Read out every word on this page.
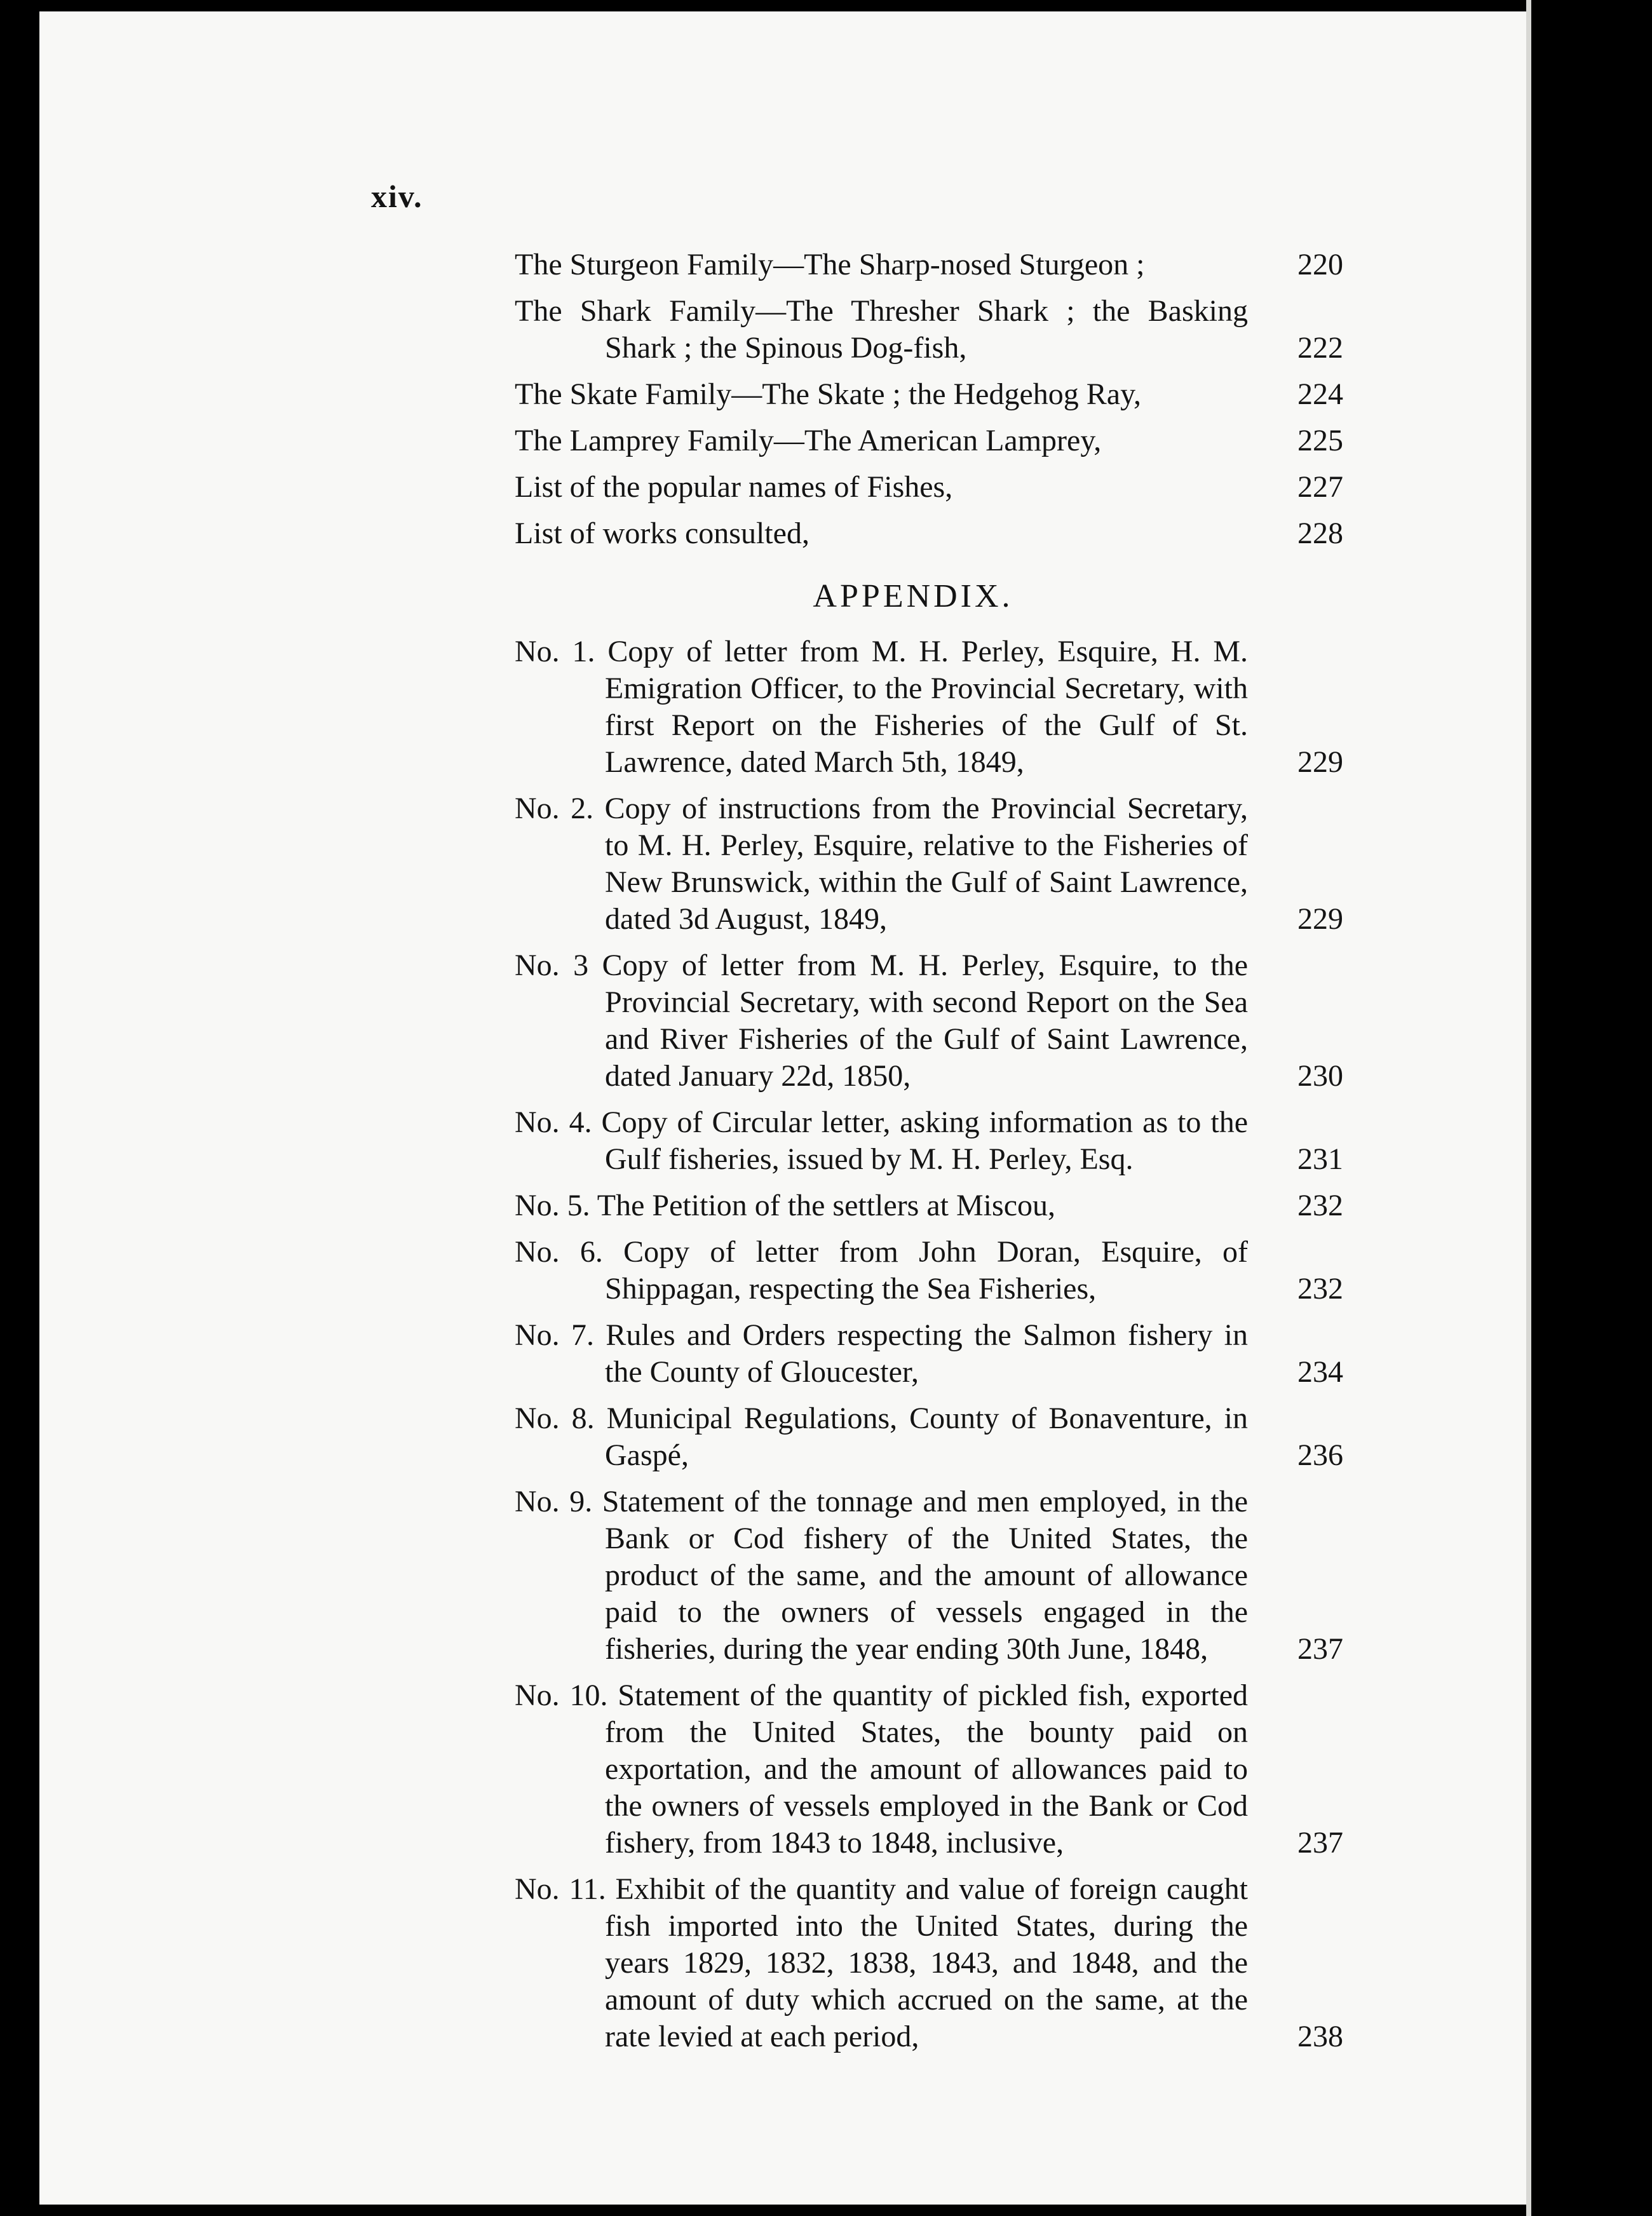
xiv.

The Sturgeon Family—The Sharp-nosed Sturgeon ;	220
The Shark Family—The Thresher Shark ; the Basking Shark ; the Spinous Dog-fish,	222
The Skate Family—The Skate ; the Hedgehog Ray,	224
The Lamprey Family—The American Lamprey,	225
List of the popular names of Fishes,	227
List of works consulted,	228
APPENDIX.
No. 1. Copy of letter from M. H. Perley, Esquire, H. M. Emigration Officer, to the Provincial Secretary, with first Report on the Fisheries of the Gulf of St. Lawrence, dated March 5th, 1849,	229
No. 2. Copy of instructions from the Provincial Secretary, to M. H. Perley, Esquire, relative to the Fisheries of New Brunswick, within the Gulf of Saint Lawrence, dated 3d August, 1849,	229
No. 3 Copy of letter from M. H. Perley, Esquire, to the Provincial Secretary, with second Report on the Sea and River Fisheries of the Gulf of Saint Lawrence, dated January 22d, 1850,	230
No. 4. Copy of Circular letter, asking information as to the Gulf fisheries, issued by M. H. Perley, Esq.	231
No. 5. The Petition of the settlers at Miscou,	232
No. 6. Copy of letter from John Doran, Esquire, of Shippagan, respecting the Sea Fisheries,	232
No. 7. Rules and Orders respecting the Salmon fishery in the County of Gloucester,	234
No. 8. Municipal Regulations, County of Bonaventure, in Gaspé,	236
No. 9. Statement of the tonnage and men employed, in the Bank or Cod fishery of the United States, the product of the same, and the amount of allowance paid to the owners of vessels engaged in the fisheries, during the year ending 30th June, 1848,	237
No. 10. Statement of the quantity of pickled fish, exported from the United States, the bounty paid on exportation, and the amount of allowances paid to the owners of vessels employed in the Bank or Cod fishery, from 1843 to 1848, inclusive,	237
No. 11. Exhibit of the quantity and value of foreign caught fish imported into the United States, during the years 1829, 1832, 1838, 1843, and 1848, and the amount of duty which accrued on the same, at the rate levied at each period,	238
